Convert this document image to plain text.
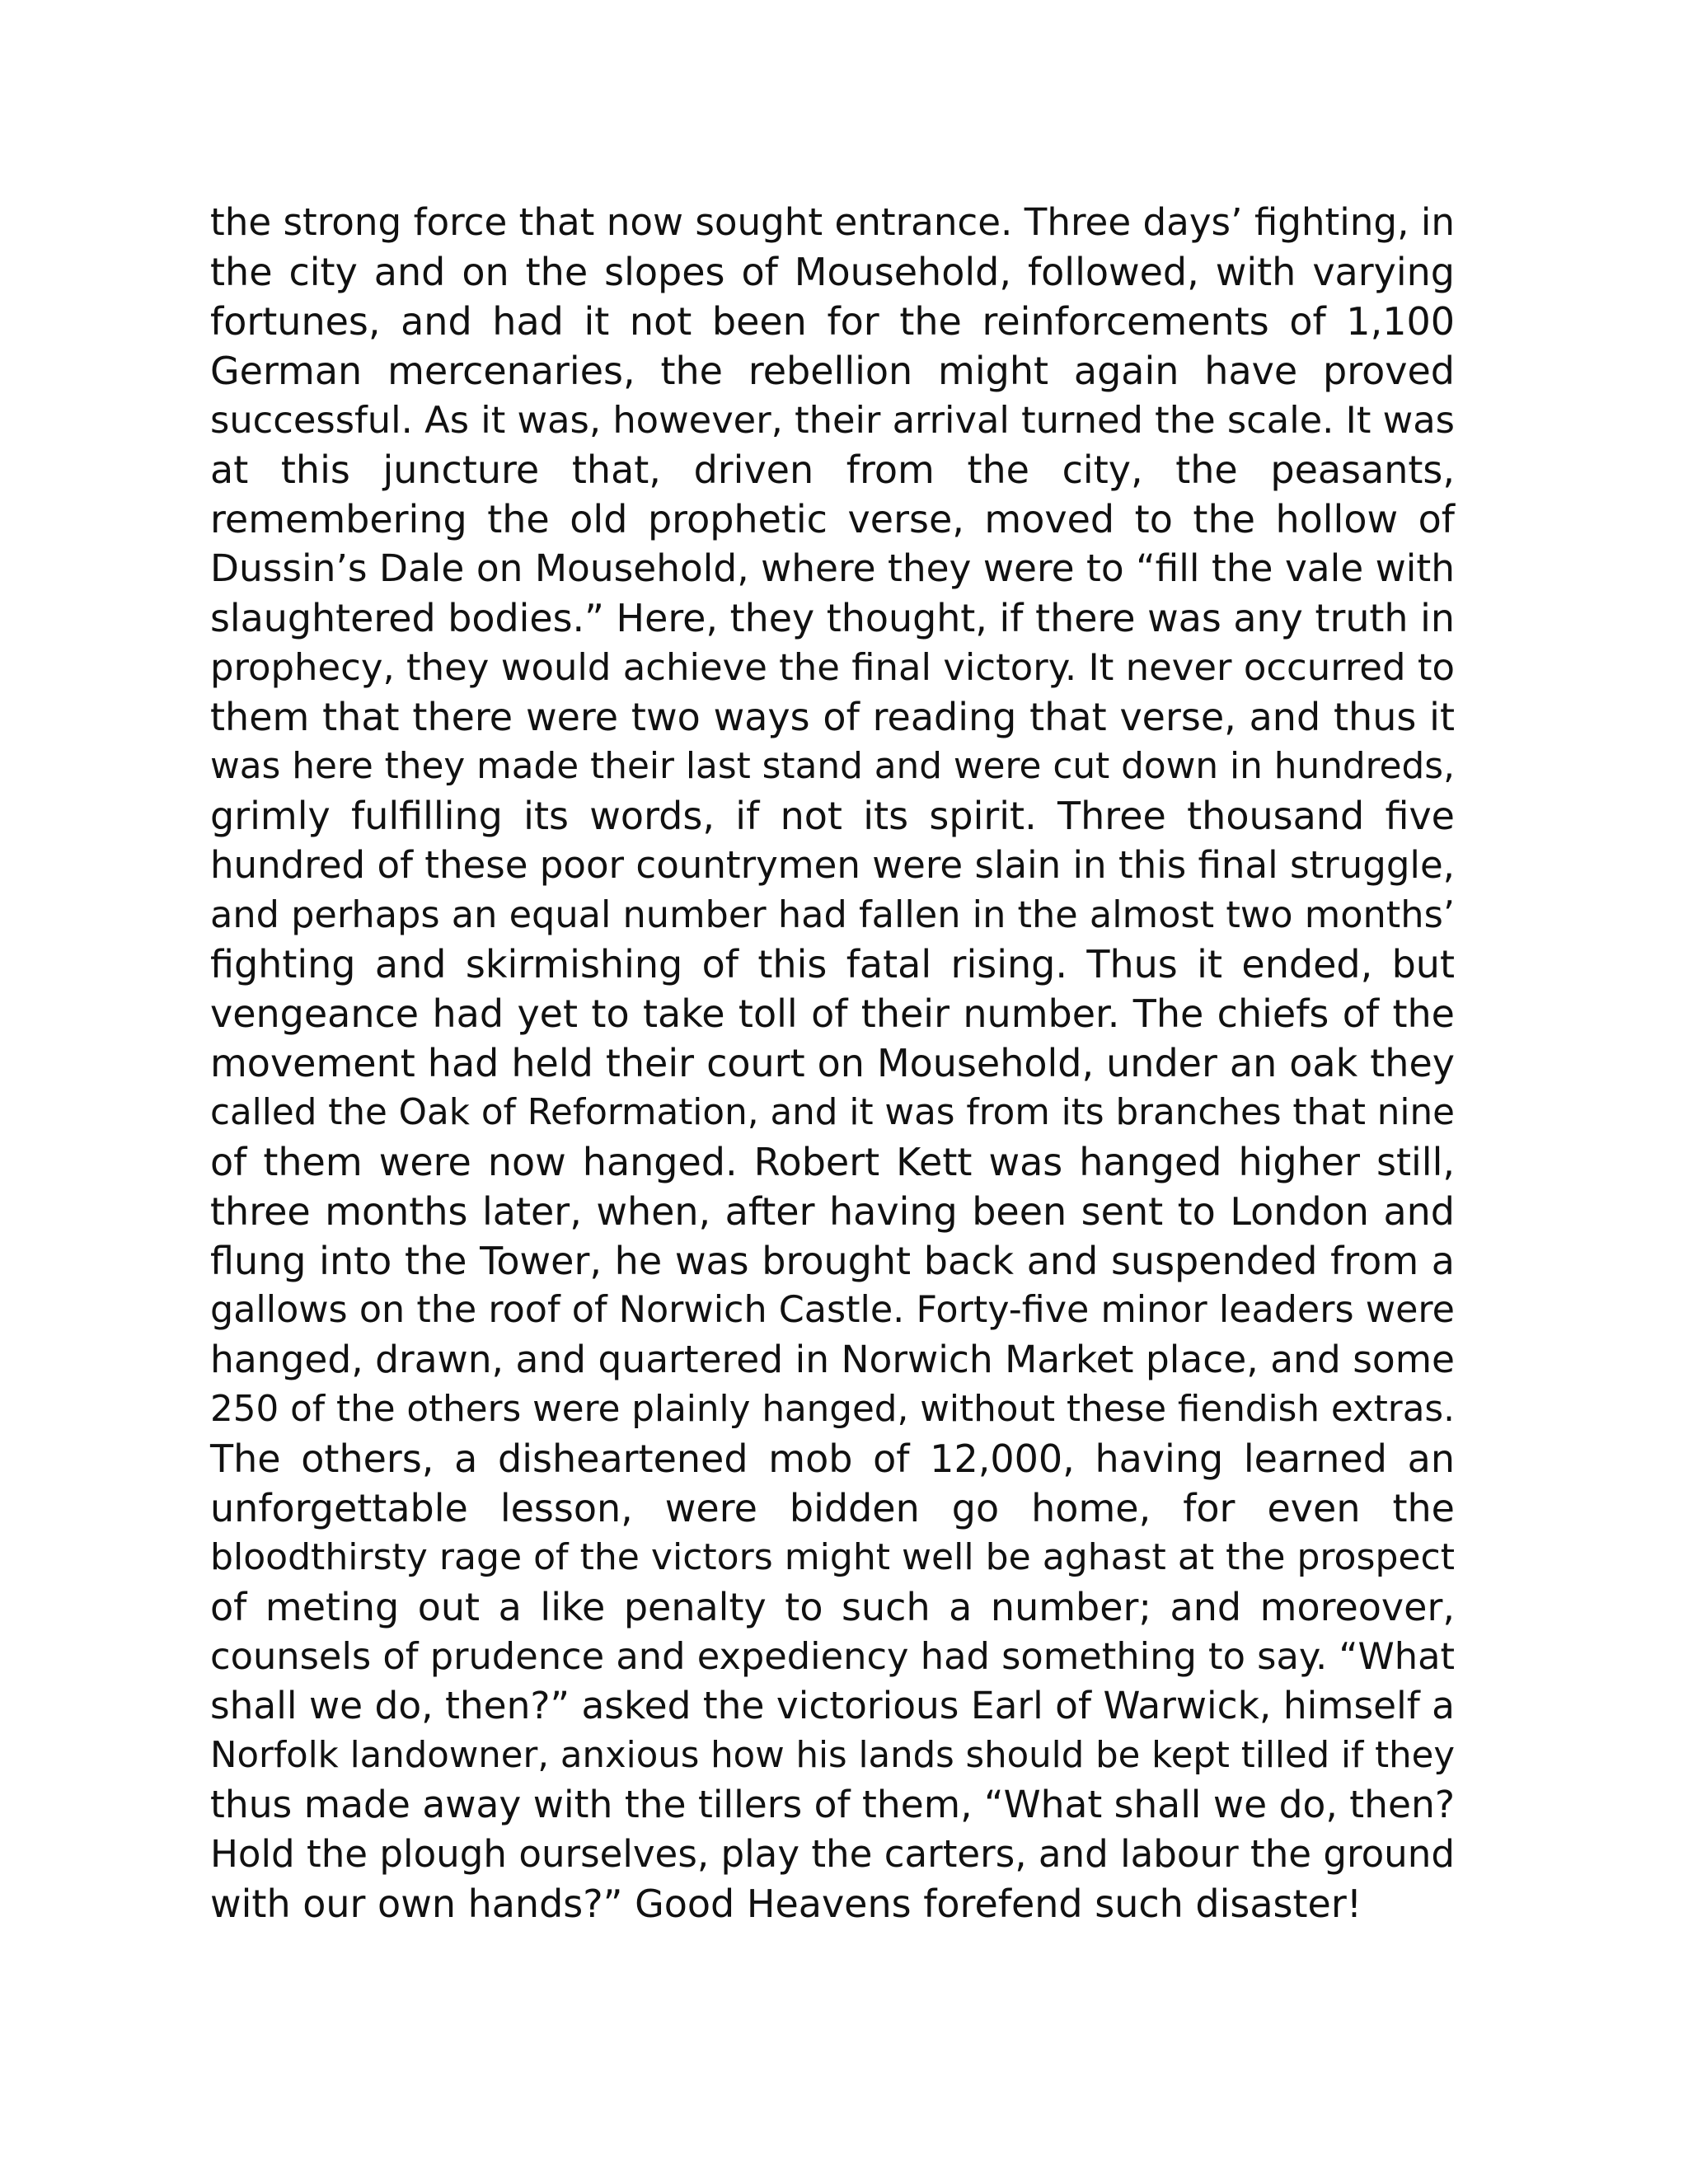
the strong force that now sought entrance. Three days’ fighting, in
the city and on the slopes of Mousehold, followed, with varying
fortunes, and had it not been for the reinforcements of 1,100
German mercenaries, the rebellion might again have proved
successful. As it was, however, their arrival turned the scale. It was
at this juncture that, driven from the city, the peasants,
remembering the old prophetic verse, moved to the hollow of
Dussin’s Dale on Mousehold, where they were to “fill the vale with
slaughtered bodies.” Here, they thought, if there was any truth in
prophecy, they would achieve the final victory. It never occurred to
them that there were two ways of reading that verse, and thus it
was here they made their last stand and were cut down in hundreds,
grimly fulfilling its words, if not its spirit. Three thousand five
hundred of these poor countrymen were slain in this final struggle,
and perhaps an equal number had fallen in the almost two months’
fighting and skirmishing of this fatal rising. Thus it ended, but
vengeance had yet to take toll of their number. The chiefs of the
movement had held their court on Mousehold, under an oak they
called the Oak of Reformation, and it was from its branches that nine
of them were now hanged. Robert Kett was hanged higher still,
three months later, when, after having been sent to London and
flung into the Tower, he was brought back and suspended from a
gallows on the roof of Norwich Castle. Forty-five minor leaders were
hanged, drawn, and quartered in Norwich Market place, and some
250 of the others were plainly hanged, without these fiendish extras.
The others, a disheartened mob of 12,000, having learned an
unforgettable lesson, were bidden go home, for even the
bloodthirsty rage of the victors might well be aghast at the prospect
of meting out a like penalty to such a number; and moreover,
counsels of prudence and expediency had something to say. “What
shall we do, then?” asked the victorious Earl of Warwick, himself a
Norfolk landowner, anxious how his lands should be kept tilled if they
thus made away with the tillers of them, “What shall we do, then?
Hold the plough ourselves, play the carters, and labour the ground
with our own hands?” Good Heavens forefend such disaster!
